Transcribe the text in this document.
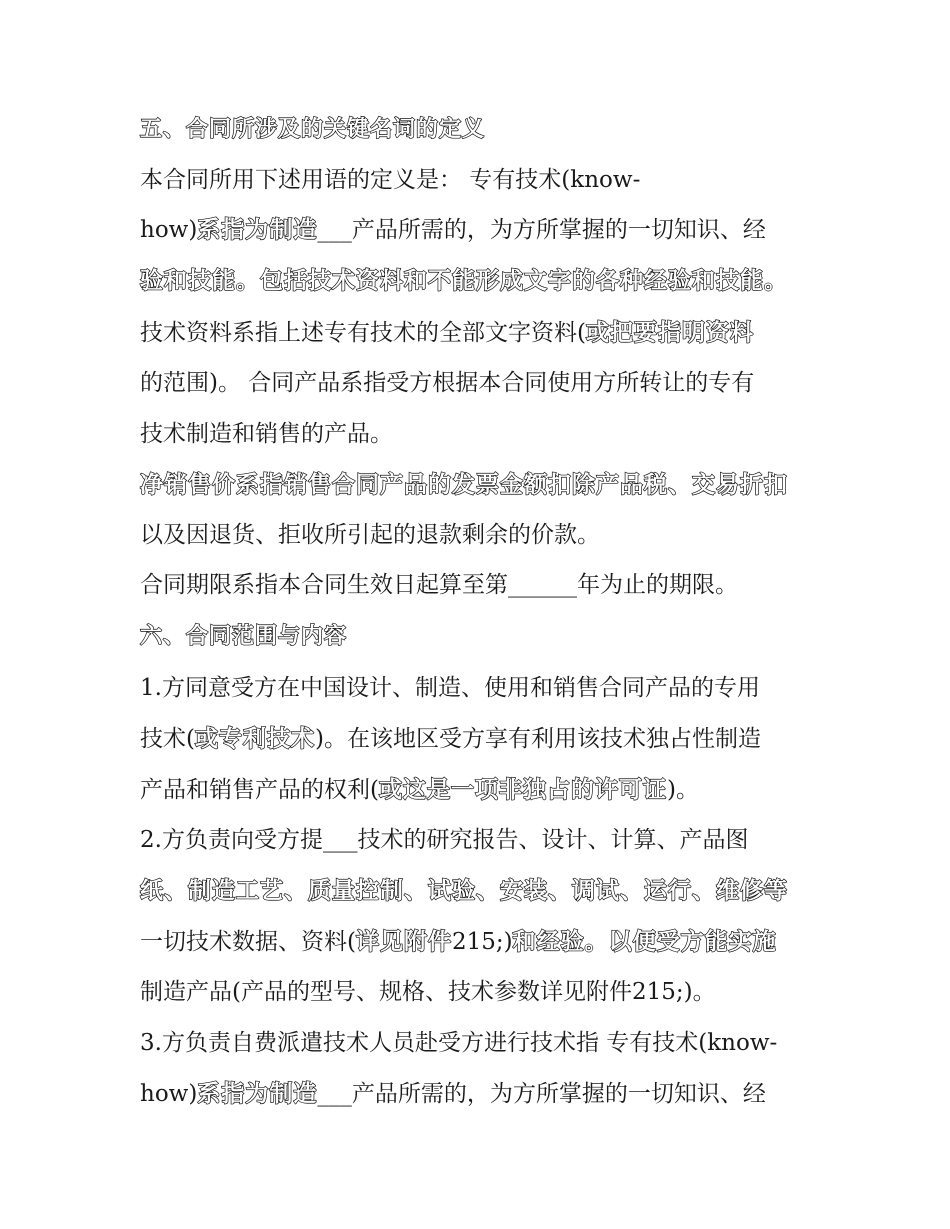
五、合同所涉及的关键名词的定义
本合同所用下述用语的定义是： 专有技术(know-
how)系指为制造___产品所需的，为方所掌握的一切知识、经
验和技能。包括技术资料和不能形成文字的各种经验和技能。
技术资料系指上述专有技术的全部文字资料(或把要指明资料
的范围)。 合同产品系指受方根据本合同使用方所转让的专有
技术制造和销售的产品。
净销售价系指销售合同产品的发票金额扣除产品税、交易折扣
以及因退货、拒收所引起的退款剩余的价款。
合同期限系指本合同生效日起算至第______年为止的期限。
六、合同范围与内容
1.方同意受方在中国设计、制造、使用和销售合同产品的专用
技术(或专利技术)。在该地区受方享有利用该技术独占性制造
产品和销售产品的权利(或这是一项非独占的许可证)。
2.方负责向受方提___技术的研究报告、设计、计算、产品图
纸、制造工艺、质量控制、试验、安装、调试、运行、维修等
一切技术数据、资料(详见附件215;)和经验。以便受方能实施
制造产品(产品的型号、规格、技术参数详见附件215;)。
3.方负责自费派遣技术人员赴受方进行技术指 专有技术(know-
how)系指为制造___产品所需的，为方所掌握的一切知识、经
